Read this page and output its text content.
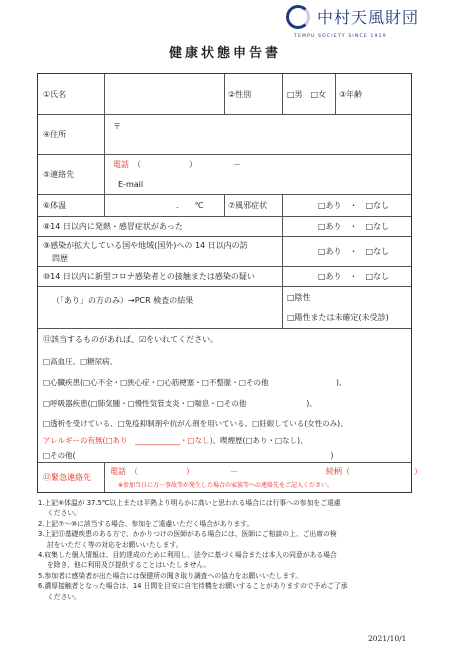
中村天風財団
TEMPU SOCIETY SINCE 1919
健康状態申告書
①氏名	②性別	□男　□女 ③年齢
④住所
〒
⑤連絡先
電話 （　　　　　　）　　　　　－
E-mail
⑥体温	.　　℃	⑦風邪症状	□あり　・　□なし
⑧14 日以内に発熱・感冒症状があった	□あり　・　□なし
⑨感染が拡大している国や地域(国外)への 14 日以内の訪
問歴
□あり　・　□なし
⑩14 日以内に新型コロナ感染者との接触または感染の疑い	□あり　・　□なし
（「あり」の方のみ）→PCR 検査の結果	□陰性
□陽性または未確定(未受診)
⑪該当するものがあれば、☑をいれてください。
□高血圧、□糖尿病、
□心臓疾患(□心不全・□狭心症・□心筋梗塞・□不整脈・□その他　　　　　　　　　)、
□呼吸器疾患(□肺気腫・□慢性気管支炎・□喘息・□その他　　　　　　　　)、
□透析を受けている、□免疫抑制剤や抗がん剤を用いている、□妊娠している(女性のみ)、
アレルギーの有無(□あり　____________・□なし) 、喫煙歴(□あり・□なし)、
□その他(　　　　　　　　　　　　　　　　　　　　　　　　　　　　　　　　　　)
⑫緊急連絡先
電話　（　　　　　　）　　　　　－	続柄（　　　　　　　　）
※参加当日に万一事故等が発生した場合の家族等への連絡先をご記入ください。
1.上記⑥体温が 37.5℃以上または平熱より明らかに高いと思われる場合には行事への参加をご遠慮
ください。
2.上記⑦～⑩に該当する場合、参加をご遠慮いただく場合があります。
3.上記⑪基礎疾患のある方で、かかりつけの医師がある場合には、医師にご相談の上、ご出席の検
討をいただく等の対応をお願いいたします。
4.収集した個人情報は、目的達成のために利用し、法令に基づく場合または本人の同意がある場合
を除き、他に利用及び提供することはいたしません。
5.参加者に感染者が出た場合には保健所の聞き取り調査への協力をお願いいたします。
6.濃厚接触者となった場合は、14 日間を目安に自宅待機をお願いすることがありますので予めご了承
ください。
2021/10/1
